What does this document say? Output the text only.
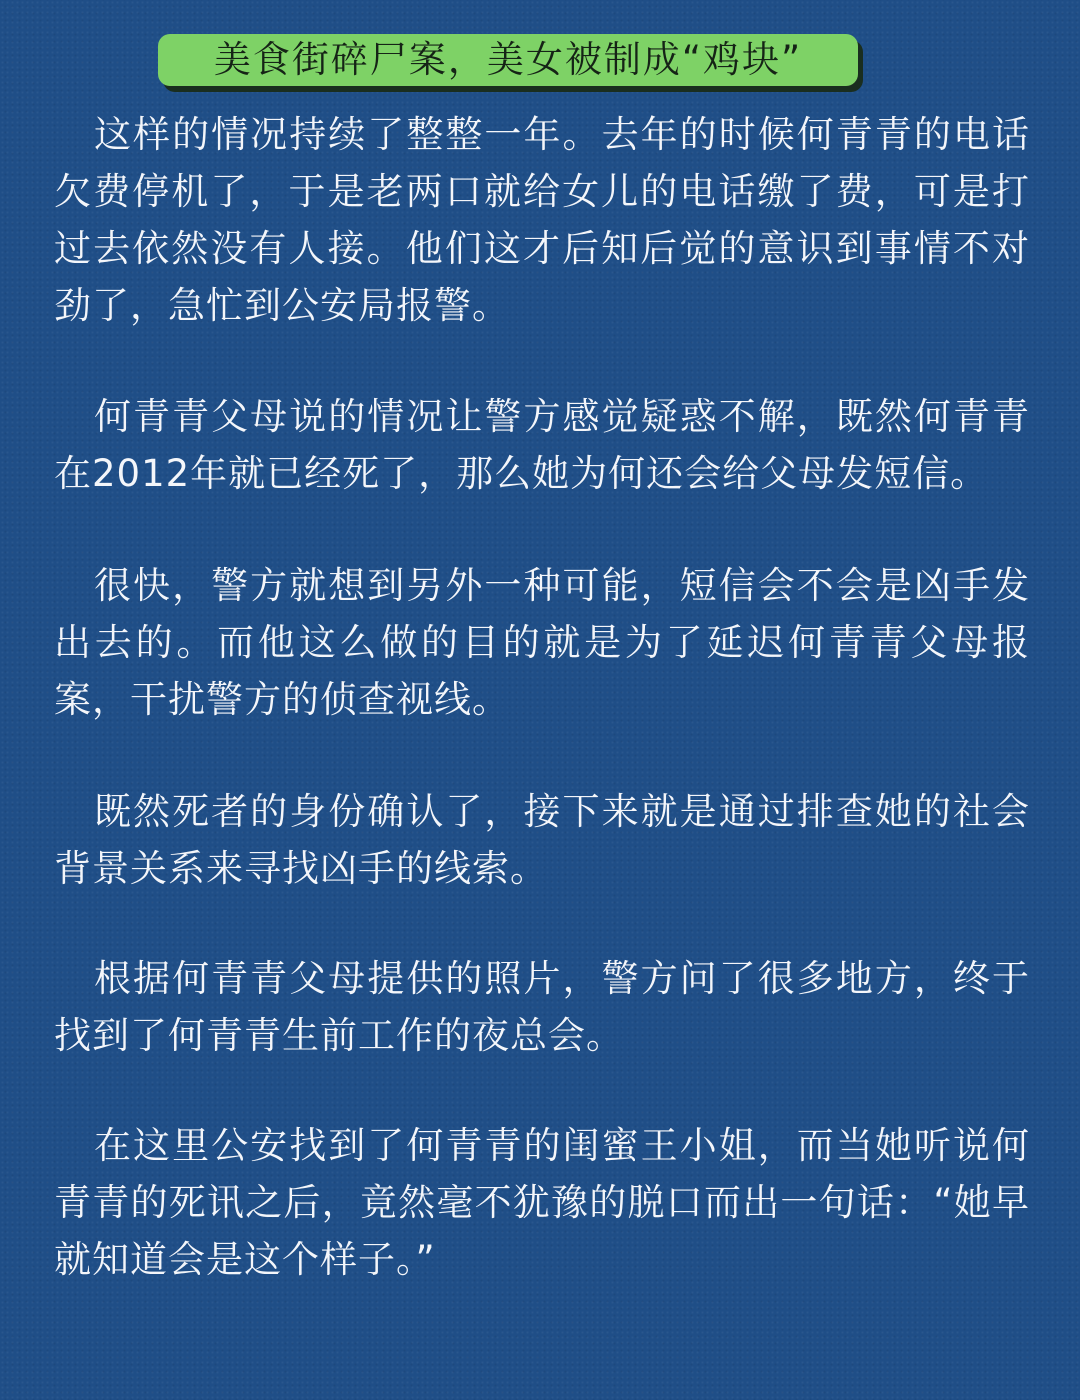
美食街碎尸案，美女被制成“鸡块”

这样的情况持续了整整一年。去年的时候何青青的电话欠费停机了，于是老两口就给女儿的电话缴了费，可是打过去依然没有人接。他们这才后知后觉的意识到事情不对劲了，急忙到公安局报警。

何青青父母说的情况让警方感觉疑惑不解，既然何青青在2012年就已经死了，那么她为何还会给父母发短信。

很快，警方就想到另外一种可能，短信会不会是凶手发出去的。而他这么做的目的就是为了延迟何青青父母报案，干扰警方的侦查视线。

既然死者的身份确认了，接下来就是通过排查她的社会背景关系来寻找凶手的线索。

根据何青青父母提供的照片，警方问了很多地方，终于找到了何青青生前工作的夜总会。

在这里公安找到了何青青的闺蜜王小姐，而当她听说何青青的死讯之后，竟然毫不犹豫的脱口而出一句话：“她早就知道会是这个样子。”
